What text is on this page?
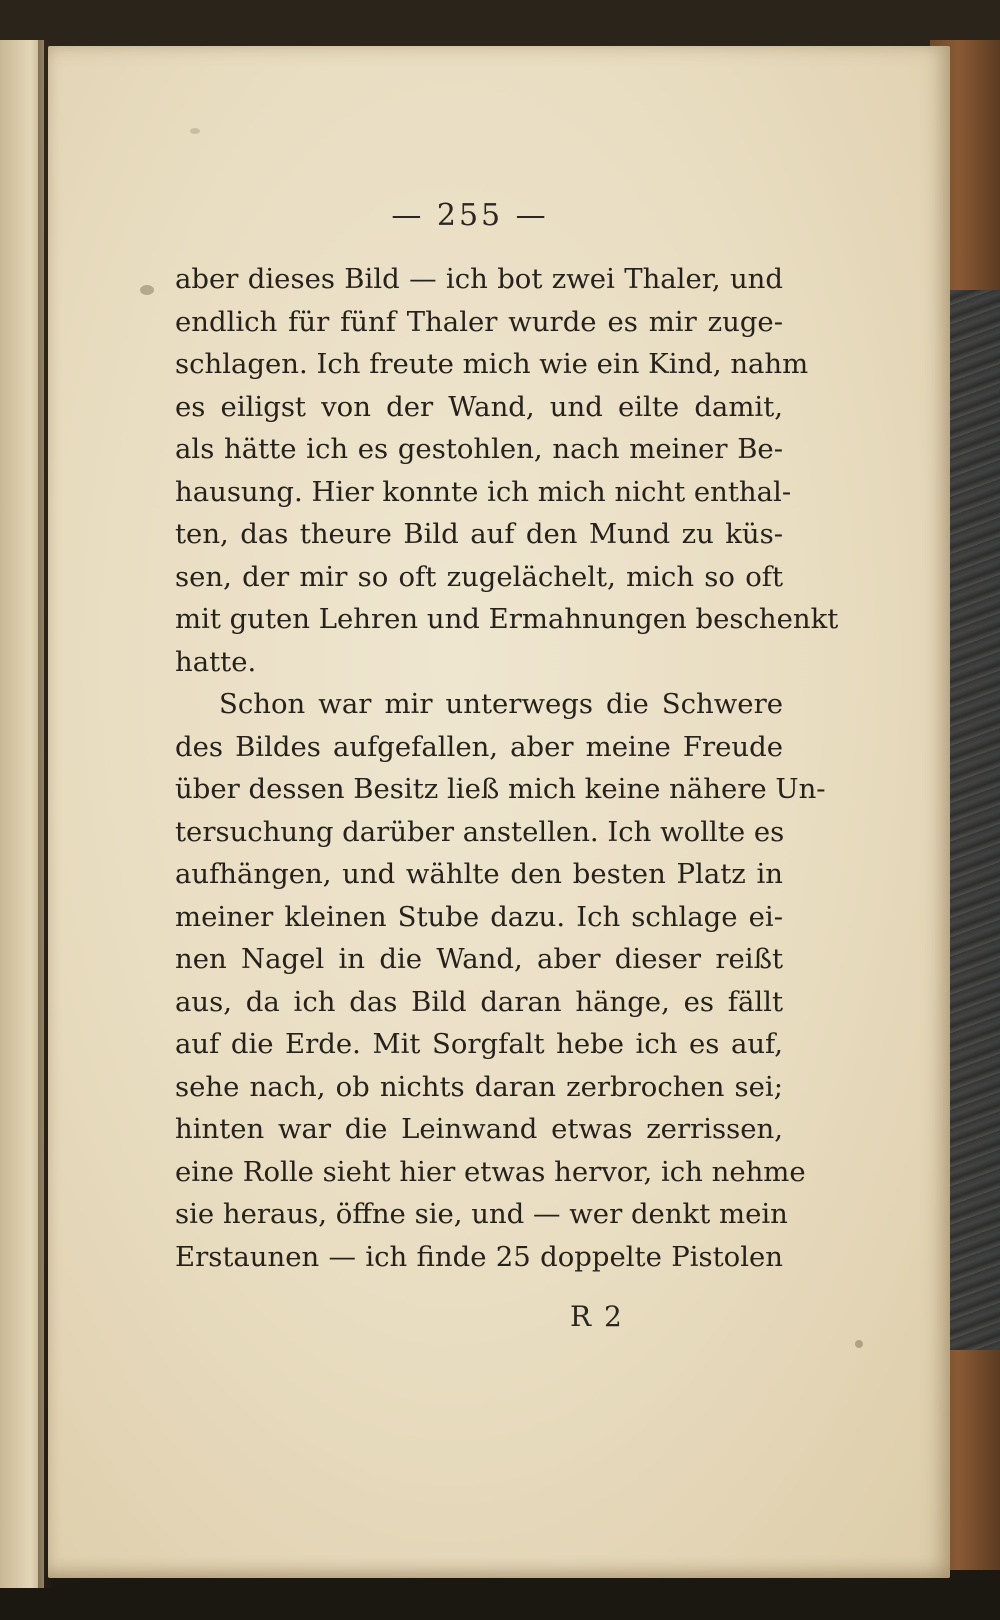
— 255 —
aber dieses Bild — ich bot zwei Thaler, und
endlich für fünf Thaler wurde es mir zuge-
schlagen. Ich freute mich wie ein Kind, nahm
es eiligst von der Wand, und eilte damit,
als hätte ich es gestohlen, nach meiner Be-
hausung. Hier konnte ich mich nicht enthal-
ten, das theure Bild auf den Mund zu küs-
sen, der mir so oft zugelächelt, mich so oft
mit guten Lehren und Ermahnungen beschenkt
hatte.
Schon war mir unterwegs die Schwere
des Bildes aufgefallen, aber meine Freude
über dessen Besitz ließ mich keine nähere Un-
tersuchung darüber anstellen. Ich wollte es
aufhängen, und wählte den besten Platz in
meiner kleinen Stube dazu. Ich schlage ei-
nen Nagel in die Wand, aber dieser reißt
aus, da ich das Bild daran hänge, es fällt
auf die Erde. Mit Sorgfalt hebe ich es auf,
sehe nach, ob nichts daran zerbrochen sei;
hinten war die Leinwand etwas zerrissen,
eine Rolle sieht hier etwas hervor, ich nehme
sie heraus, öffne sie, und — wer denkt mein
Erstaunen — ich finde 25 doppelte Pistolen
R 2
